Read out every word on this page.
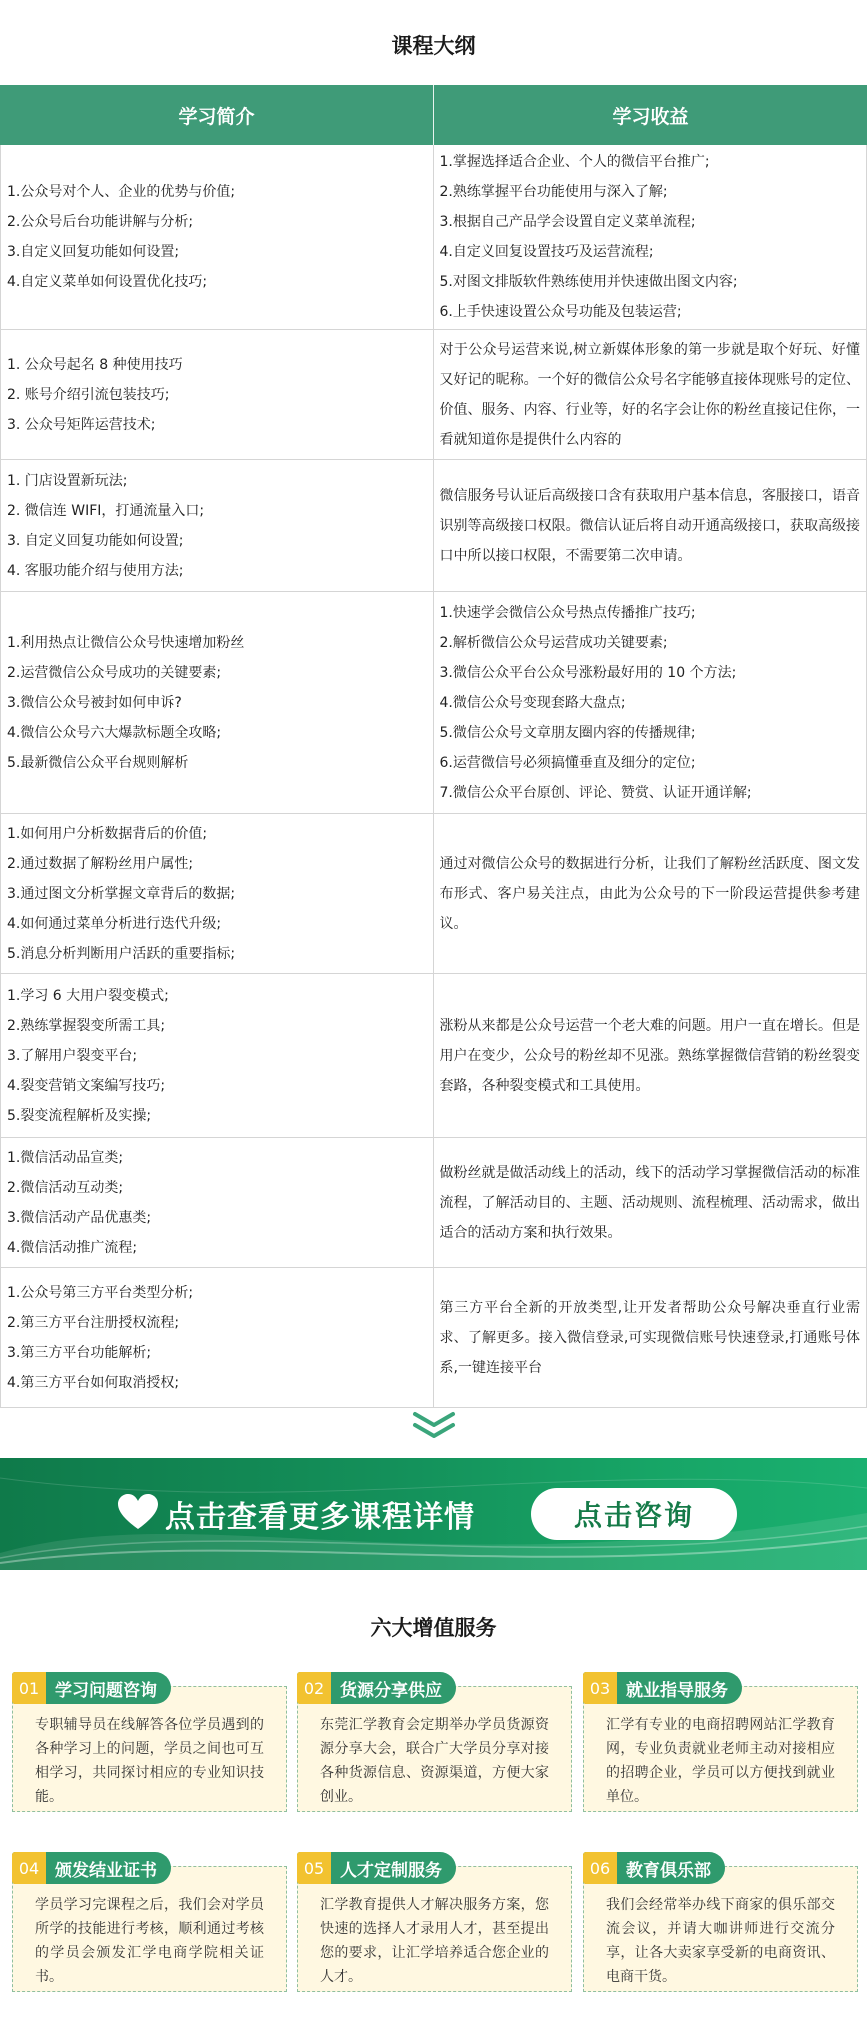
课程大纲
学习简介	学习收益
1.公众号对个人、企业的优势与价值;
2.公众号后台功能讲解与分析;
3.自定义回复功能如何设置;
4.自定义菜单如何设置优化技巧;
1.掌握选择适合企业、个人的微信平台推广;
2.熟练掌握平台功能使用与深入了解;
3.根据自己产品学会设置自定义菜单流程;
4.自定义回复设置技巧及运营流程;
5.对图文排版软件熟练使用并快速做出图文内容;
6.上手快速设置公众号功能及包装运营;
1. 公众号起名 8 种使用技巧
2. 账号介绍引流包装技巧;
3. 公众号矩阵运营技术;
对于公众号运营来说,树立新媒体形象的第一步就是取个好玩、好懂又好记的昵称。一个好的微信公众号名字能够直接体现账号的定位、价值、服务、内容、行业等，好的名字会让你的粉丝直接记住你，一看就知道你是提供什么内容的
1. 门店设置新玩法;
2. 微信连 WIFI，打通流量入口;
3. 自定义回复功能如何设置;
4. 客服功能介绍与使用方法;
微信服务号认证后高级接口含有获取用户基本信息，客服接口，语音识别等高级接口权限。微信认证后将自动开通高级接口，获取高级接口中所以接口权限，不需要第二次申请。
1.利用热点让微信公众号快速增加粉丝
2.运营微信公众号成功的关键要素;
3.微信公众号被封如何申诉?
4.微信公众号六大爆款标题全攻略;
5.最新微信公众平台规则解析
1.快速学会微信公众号热点传播推广技巧;
2.解析微信公众号运营成功关键要素;
3.微信公众平台公众号涨粉最好用的 10 个方法;
4.微信公众号变现套路大盘点;
5.微信公众号文章朋友圈内容的传播规律;
6.运营微信号必须搞懂垂直及细分的定位;
7.微信公众平台原创、评论、赞赏、认证开通详解;
1.如何用户分析数据背后的价值;
2.通过数据了解粉丝用户属性;
3.通过图文分析掌握文章背后的数据;
4.如何通过菜单分析进行迭代升级;
5.消息分析判断用户活跃的重要指标;
通过对微信公众号的数据进行分析，让我们了解粉丝活跃度、图文发布形式、客户易关注点，由此为公众号的下一阶段运营提供参考建议。
1.学习 6 大用户裂变模式;
2.熟练掌握裂变所需工具;
3.了解用户裂变平台;
4.裂变营销文案编写技巧;
5.裂变流程解析及实操;
涨粉从来都是公众号运营一个老大难的问题。用户一直在增长。但是用户在变少，公众号的粉丝却不见涨。熟练掌握微信营销的粉丝裂变套路，各种裂变模式和工具使用。
1.微信活动品宣类;
2.微信活动互动类;
3.微信活动产品优惠类;
4.微信活动推广流程;
做粉丝就是做活动线上的活动，线下的活动学习掌握微信活动的标准流程，了解活动目的、主题、活动规则、流程梳理、活动需求，做出适合的活动方案和执行效果。
1.公众号第三方平台类型分析;
2.第三方平台注册授权流程;
3.第三方平台功能解析;
4.第三方平台如何取消授权;
第三方平台全新的开放类型,让开发者帮助公众号解决垂直行业需求、了解更多。接入微信登录,可实现微信账号快速登录,打通账号体系,一键连接平台
点击查看更多课程详情	点击咨询
六大增值服务
01 学习问题咨询
专职辅导员在线解答各位学员遇到的各种学习上的问题，学员之间也可互相学习，共同探讨相应的专业知识技能。
02 货源分享供应
东莞汇学教育会定期举办学员货源资源分享大会，联合广大学员分享对接各种货源信息、资源渠道，方便大家创业。
03 就业指导服务
汇学有专业的电商招聘网站汇学教育网，专业负责就业老师主动对接相应的招聘企业，学员可以方便找到就业单位。
04 颁发结业证书
学员学习完课程之后，我们会对学员所学的技能进行考核，顺利通过考核的学员会颁发汇学电商学院相关证书。
05 人才定制服务
汇学教育提供人才解决服务方案，您快速的选择人才录用人才，甚至提出您的要求，让汇学培养适合您企业的人才。
06 教育俱乐部
我们会经常举办线下商家的俱乐部交流会议，并请大咖讲师进行交流分享，让各大卖家享受新的电商资讯、电商干货。
